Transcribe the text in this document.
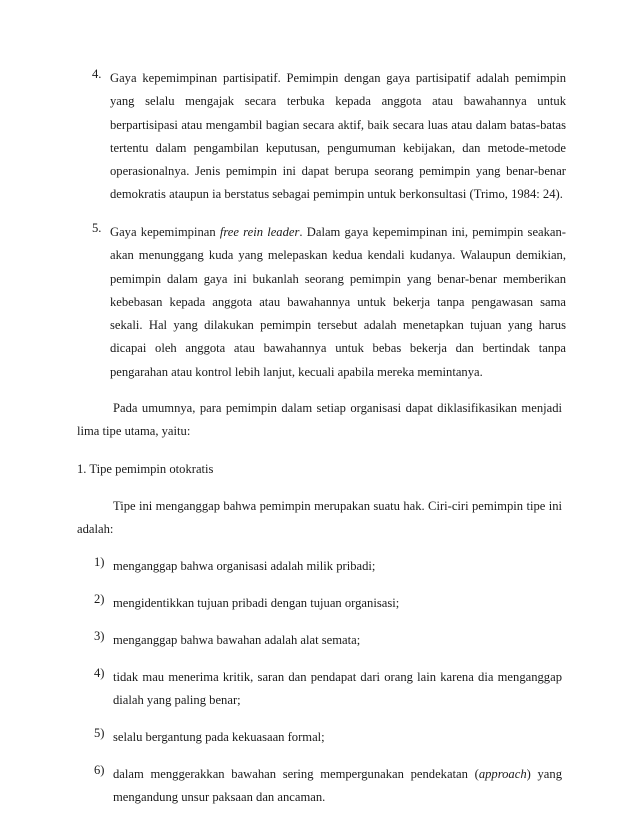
4. Gaya kepemimpinan partisipatif. Pemimpin dengan gaya partisipatif adalah pemimpin yang selalu mengajak secara terbuka kepada anggota atau bawahannya untuk berpartisipasi atau mengambil bagian secara aktif, baik secara luas atau dalam batas-batas tertentu dalam pengambilan keputusan, pengumuman kebijakan, dan metode-metode operasionalnya. Jenis pemimpin ini dapat berupa seorang pemimpin yang benar-benar demokratis ataupun ia berstatus sebagai pemimpin untuk berkonsultasi (Trimo, 1984: 24).
5. Gaya kepemimpinan free rein leader. Dalam gaya kepemimpinan ini, pemimpin seakan-akan menunggang kuda yang melepaskan kedua kendali kudanya. Walaupun demikian, pemimpin dalam gaya ini bukanlah seorang pemimpin yang benar-benar memberikan kebebasan kepada anggota atau bawahannya untuk bekerja tanpa pengawasan sama sekali. Hal yang dilakukan pemimpin tersebut adalah menetapkan tujuan yang harus dicapai oleh anggota atau bawahannya untuk bebas bekerja dan bertindak tanpa pengarahan atau kontrol lebih lanjut, kecuali apabila mereka memintanya.
Pada umumnya, para pemimpin dalam setiap organisasi dapat diklasifikasikan menjadi lima tipe utama, yaitu:
1. Tipe pemimpin otokratis
Tipe ini menganggap bahwa pemimpin merupakan suatu hak. Ciri-ciri pemimpin tipe ini adalah:
1) menganggap bahwa organisasi adalah milik pribadi;
2) mengidentikkan tujuan pribadi dengan tujuan organisasi;
3) menganggap bahwa bawahan adalah alat semata;
4) tidak mau menerima kritik, saran dan pendapat dari orang lain karena dia menganggap dialah yang paling benar;
5) selalu bergantung pada kekuasaan formal;
6) dalam menggerakkan bawahan sering mempergunakan pendekatan (approach) yang mengandung unsur paksaan dan ancaman.
